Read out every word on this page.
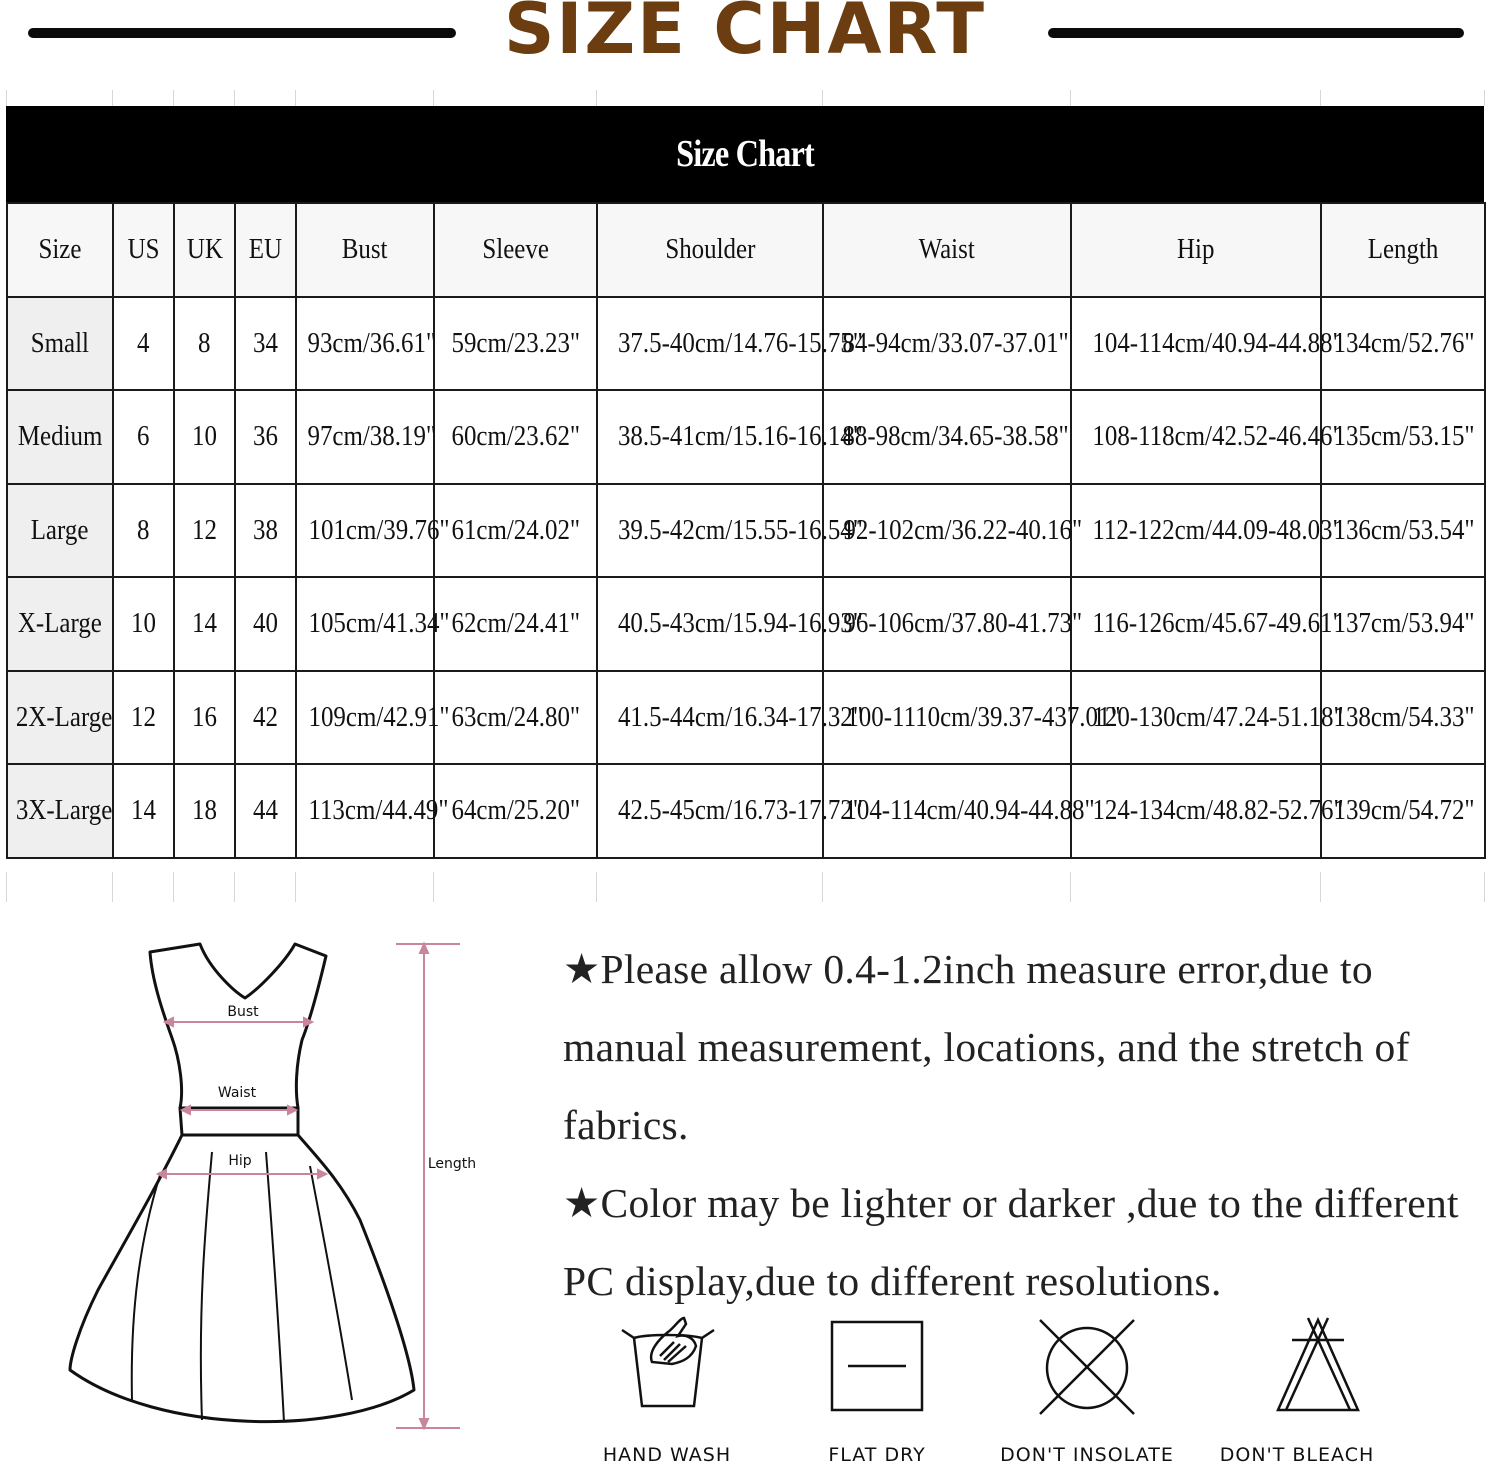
SIZE CHART
Size Chart
Size	US	UK	EU	Bust	Sleeve	Shoulder	Waist	Hip	Length
Small	4	8	34	93cm/36.61"	59cm/23.23"	37.5-40cm/14.76-15.75"	84-94cm/33.07-37.01"	104-114cm/40.94-44.88"	134cm/52.76"
Medium	6	10	36	97cm/38.19"	60cm/23.62"	38.5-41cm/15.16-16.14"	88-98cm/34.65-38.58"	108-118cm/42.52-46.46"	135cm/53.15"
Large	8	12	38	101cm/39.76"	61cm/24.02"	39.5-42cm/15.55-16.54"	92-102cm/36.22-40.16"	112-122cm/44.09-48.03"	136cm/53.54"
X-Large	10	14	40	105cm/41.34"	62cm/24.41"	40.5-43cm/15.94-16.93"	96-106cm/37.80-41.73"	116-126cm/45.67-49.61"	137cm/53.94"
2X-Large	12	16	42	109cm/42.91"	63cm/24.80"	41.5-44cm/16.34-17.32"	100-1110cm/39.37-437.01"	120-130cm/47.24-51.18"	138cm/54.33"
3X-Large	14	18	44	113cm/44.49"	64cm/25.20"	42.5-45cm/16.73-17.72"	104-114cm/40.94-44.88"	124-134cm/48.82-52.76"	139cm/54.72"
Bust
Waist
Hip	Length

★Please allow 0.4-1.2inch measure error,due to manual measurement, locations, and the stretch of fabrics.

★Color may be lighter or darker ,due to the different PC display,due to different resolutions.

HAND WASH	FLAT DRY	DON'T INSOLATE	DON'T BLEACH
